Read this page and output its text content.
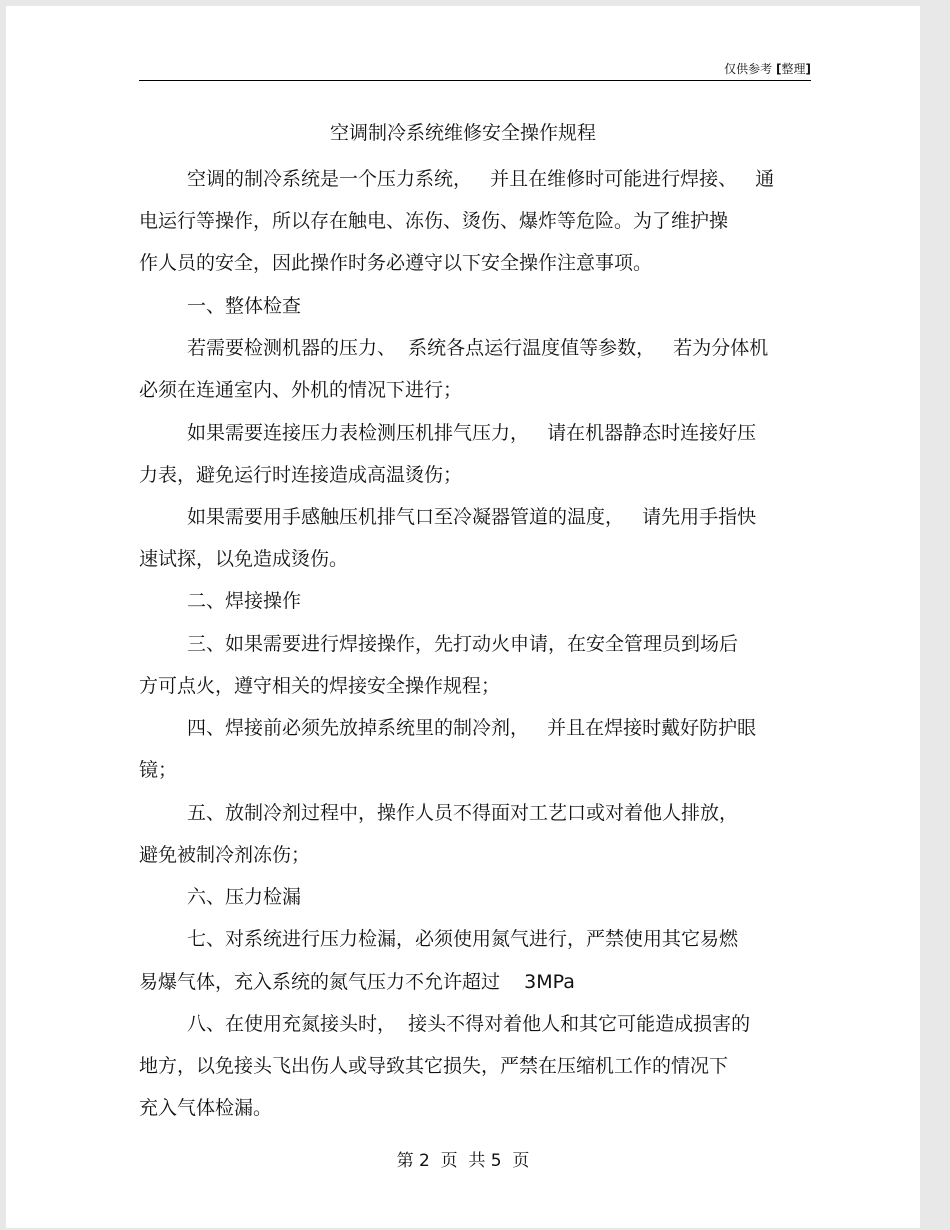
仅供参考 [整理]
空调制冷系统维修安全操作规程
空调的制冷系统是一个压力系统，   并且在维修时可能进行焊接、   通
电运行等操作，所以存在触电、冻伤、烫伤、爆炸等危险。为了维护操
作人员的安全，因此操作时务必遵守以下安全操作注意事项。
一、整体检查
若需要检测机器的压力、  系统各点运行温度值等参数，   若为分体机
必须在连通室内、外机的情况下进行；
如果需要连接压力表检测压机排气压力，   请在机器静态时连接好压
力表，避免运行时连接造成高温烫伤；
如果需要用手感触压机排气口至冷凝器管道的温度，   请先用手指快
速试探，以免造成烫伤。
二、焊接操作
三、如果需要进行焊接操作，先打动火申请，在安全管理员到场后
方可点火，遵守相关的焊接安全操作规程；
四、焊接前必须先放掉系统里的制冷剂，   并且在焊接时戴好防护眼
镜；
五、放制冷剂过程中，操作人员不得面对工艺口或对着他人排放，
避免被制冷剂冻伤；
六、压力检漏
七、对系统进行压力检漏，必须使用氮气进行，严禁使用其它易燃
易爆气体，充入系统的氮气压力不允许超过    3MPa
八、在使用充氮接头时，  接头不得对着他人和其它可能造成损害的
地方，以免接头飞出伤人或导致其它损失，严禁在压缩机工作的情况下
充入气体检漏。
第 2  页  共 5  页
